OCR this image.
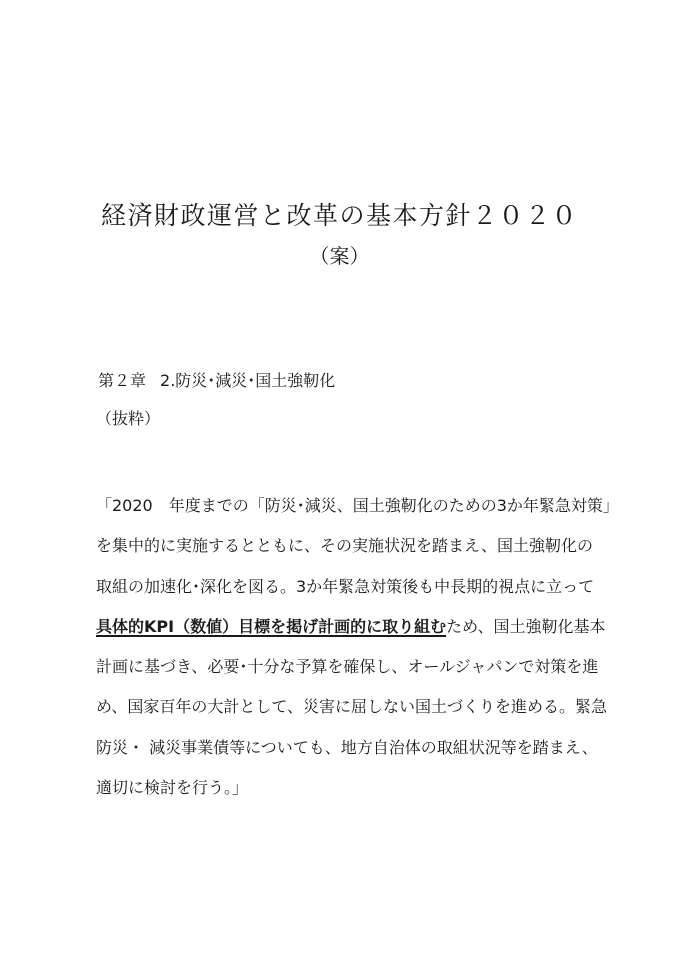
経済財政運営と改革の基本方針２０２０
（案）
第２章 2.防災･減災･国土強靭化
（抜粋）
「2020　年度までの「防災･減災、国土強靭化のための3か年緊急対策」
を集中的に実施するとともに、その実施状況を踏まえ、国土強靭化の
取組の加速化･深化を図る。3か年緊急対策後も中長期的視点に立って
具体的KPI（数値）目標を掲げ計画的に取り組むため、国土強靭化基本
計画に基づき、必要･十分な予算を確保し、オールジャパンで対策を進
め、国家百年の大計として、災害に屈しない国土づくりを進める。緊急
防災・ 減災事業債等についても、地方自治体の取組状況等を踏まえ、
適切に検討を行う。」
